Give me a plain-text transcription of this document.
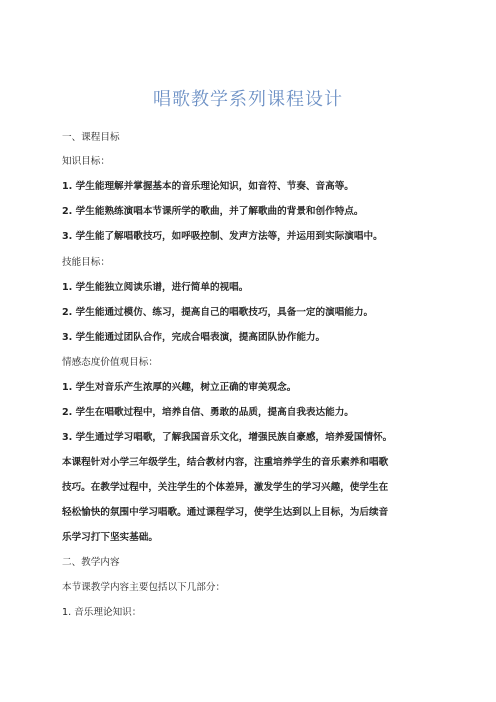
唱歌教学系列课程设计
一、课程目标
知识目标：
1. 学生能理解并掌握基本的音乐理论知识，如音符、节奏、音高等。
2. 学生能熟练演唱本节课所学的歌曲，并了解歌曲的背景和创作特点。
3. 学生能了解唱歌技巧，如呼吸控制、发声方法等，并运用到实际演唱中。
技能目标：
1. 学生能独立阅读乐谱，进行简单的视唱。
2. 学生能通过模仿、练习，提高自己的唱歌技巧，具备一定的演唱能力。
3. 学生能通过团队合作，完成合唱表演，提高团队协作能力。
情感态度价值观目标：
1. 学生对音乐产生浓厚的兴趣，树立正确的审美观念。
2. 学生在唱歌过程中，培养自信、勇敢的品质，提高自我表达能力。
3. 学生通过学习唱歌，了解我国音乐文化，增强民族自豪感，培养爱国情怀。
本课程针对小学三年级学生，结合教材内容，注重培养学生的音乐素养和唱歌
技巧。在教学过程中，关注学生的个体差异，激发学生的学习兴趣，使学生在
轻松愉快的氛围中学习唱歌。通过课程学习，使学生达到以上目标，为后续音
乐学习打下坚实基础。
二、教学内容
本节课教学内容主要包括以下几部分：
1. 音乐理论知识：
